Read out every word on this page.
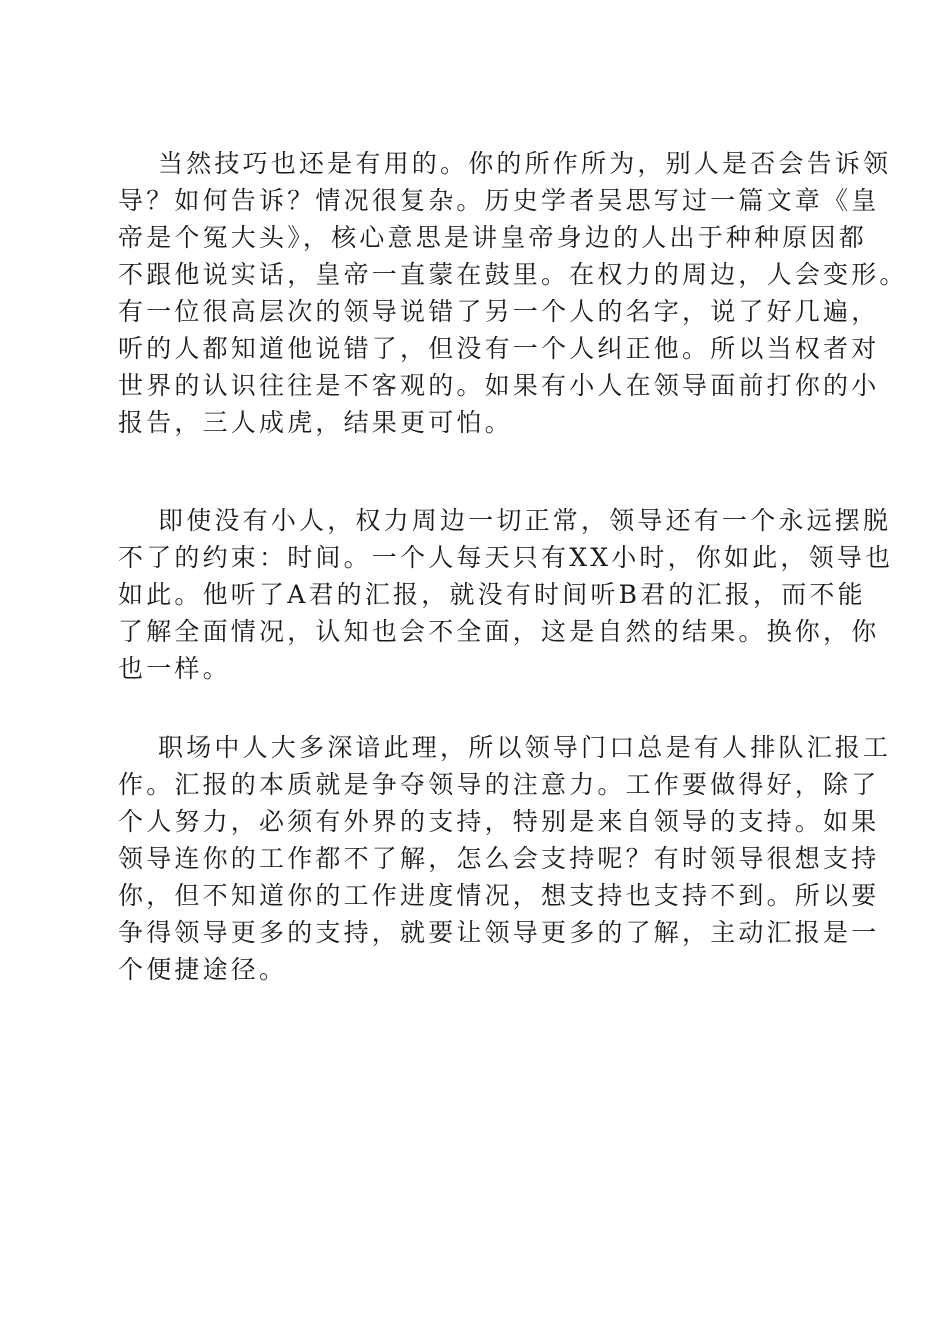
当然技巧也还是有用的。你的所作所为，别人是否会告诉领
导？如何告诉？情况很复杂。历史学者吴思写过一篇文章《皇
帝是个冤大头》，核心意思是讲皇帝身边的人出于种种原因都
不跟他说实话，皇帝一直蒙在鼓里。在权力的周边，人会变形。
有一位很高层次的领导说错了另一个人的名字，说了好几遍，
听的人都知道他说错了，但没有一个人纠正他。所以当权者对
世界的认识往往是不客观的。如果有小人在领导面前打你的小
报告，三人成虎，结果更可怕。
即使没有小人，权力周边一切正常，领导还有一个永远摆脱
不了的约束：时间。一个人每天只有XX小时，你如此，领导也
如此。他听了A君的汇报，就没有时间听B君的汇报，而不能
了解全面情况，认知也会不全面，这是自然的结果。换你，你
也一样。
职场中人大多深谙此理，所以领导门口总是有人排队汇报工
作。汇报的本质就是争夺领导的注意力。工作要做得好，除了
个人努力，必须有外界的支持，特别是来自领导的支持。如果
领导连你的工作都不了解，怎么会支持呢？有时领导很想支持
你，但不知道你的工作进度情况，想支持也支持不到。所以要
争得领导更多的支持，就要让领导更多的了解，主动汇报是一
个便捷途径。
